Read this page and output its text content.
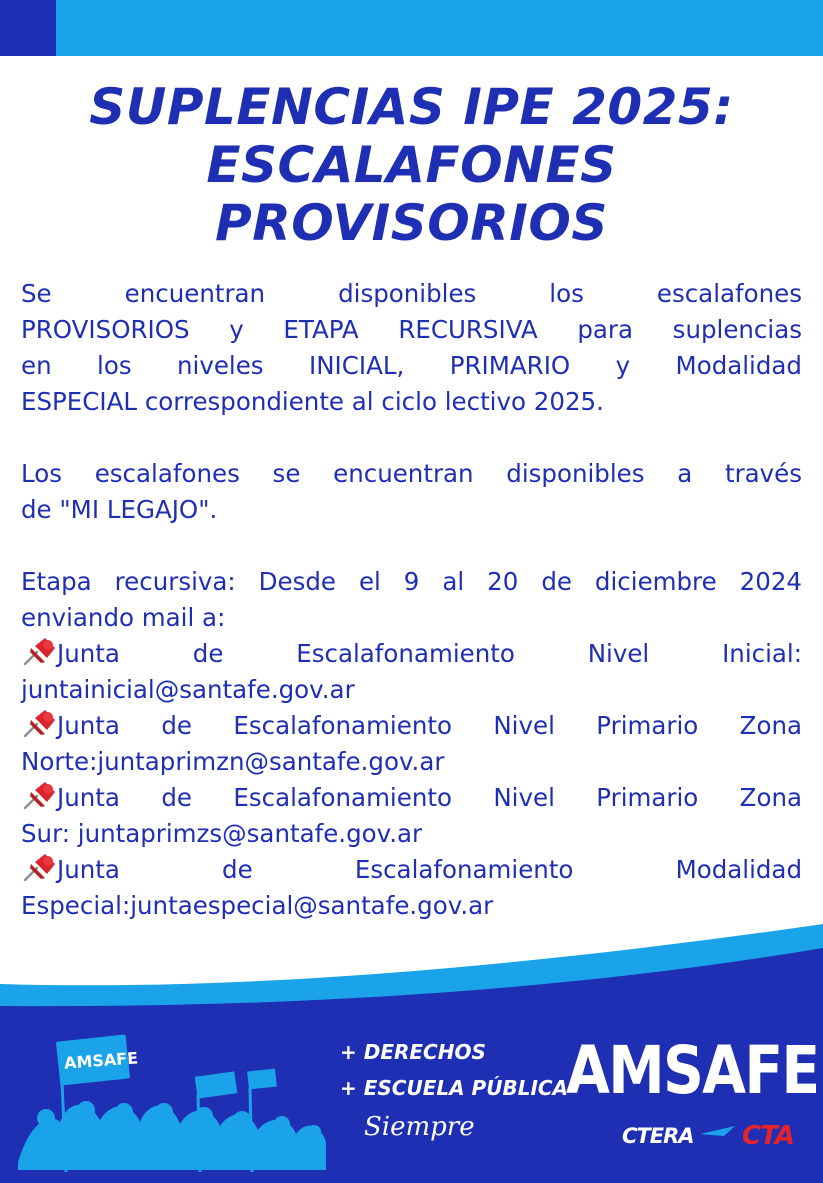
SUPLENCIAS IPE 2025:
ESCALAFONES
PROVISORIOS

Se encuentran disponibles los escalafones

PROVISORIOS y ETAPA RECURSIVA para suplencias

en los niveles INICIAL, PRIMARIO y Modalidad

ESPECIAL correspondiente al ciclo lectivo 2025.

Los escalafones se encuentran disponibles a través

de "MI LEGAJO".

Etapa recursiva: Desde el 9 al 20 de diciembre 2024

enviando mail a:

Junta de Escalafonamiento Nivel Inicial:

juntainicial@santafe.gov.ar

Junta de Escalafonamiento Nivel Primario Zona

Norte:juntaprimzn@santafe.gov.ar

Junta de Escalafonamiento Nivel Primario Zona

Sur: juntaprimzs@santafe.gov.ar

Junta de Escalafonamiento Modalidad

Especial:juntaespecial@santafe.gov.ar

AMSAFE	+ DERECHOS
+ ESCUELA PÚBLICA
Siempre
AMSAFE
CTERA CTA
